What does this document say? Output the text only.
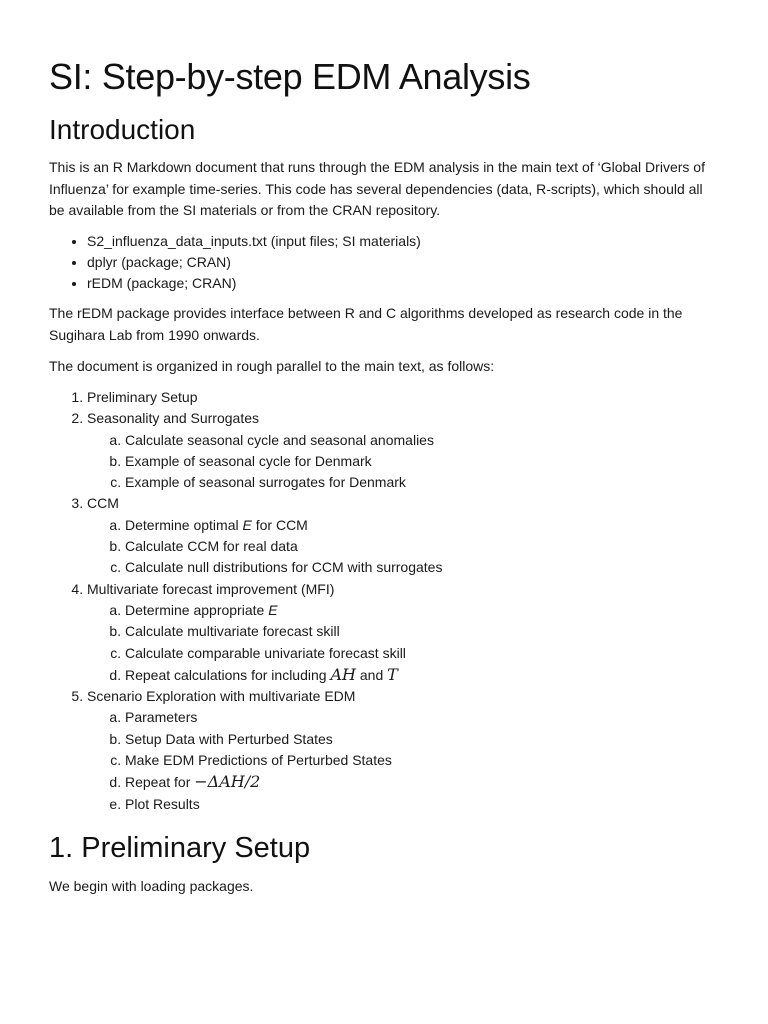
SI: Step-by-step EDM Analysis
Introduction

This is an R Markdown document that runs through the EDM analysis in the main text of ‘Global Drivers of Influenza’ for example time-series. This code has several dependencies (data, R-scripts), which should all be available from the SI materials or from the CRAN repository.

• S2_influenza_data_inputs.txt (input files; SI materials)
• dplyr (package; CRAN)
• rEDM (package; CRAN)

The rEDM package provides interface between R and C algorithms developed as research code in the Sugihara Lab from 1990 onwards.

The document is organized in rough parallel to the main text, as follows:

1. Preliminary Setup
2. Seasonality and Surrogates
a. Calculate seasonal cycle and seasonal anomalies
b. Example of seasonal cycle for Denmark
c. Example of seasonal surrogates for Denmark
3. CCM
a. Determine optimal E for CCM
b. Calculate CCM for real data
c. Calculate null distributions for CCM with surrogates
4. Multivariate forecast improvement (MFI)
a. Determine appropriate E
b. Calculate multivariate forecast skill
c. Calculate comparable univariate forecast skill
d. Repeat calculations for including AH and T
5. Scenario Exploration with multivariate EDM
a. Parameters
b. Setup Data with Perturbed States
c. Make EDM Predictions of Perturbed States
d. Repeat for −ΔAH/2
e. Plot Results
1. Preliminary Setup

We begin with loading packages.
